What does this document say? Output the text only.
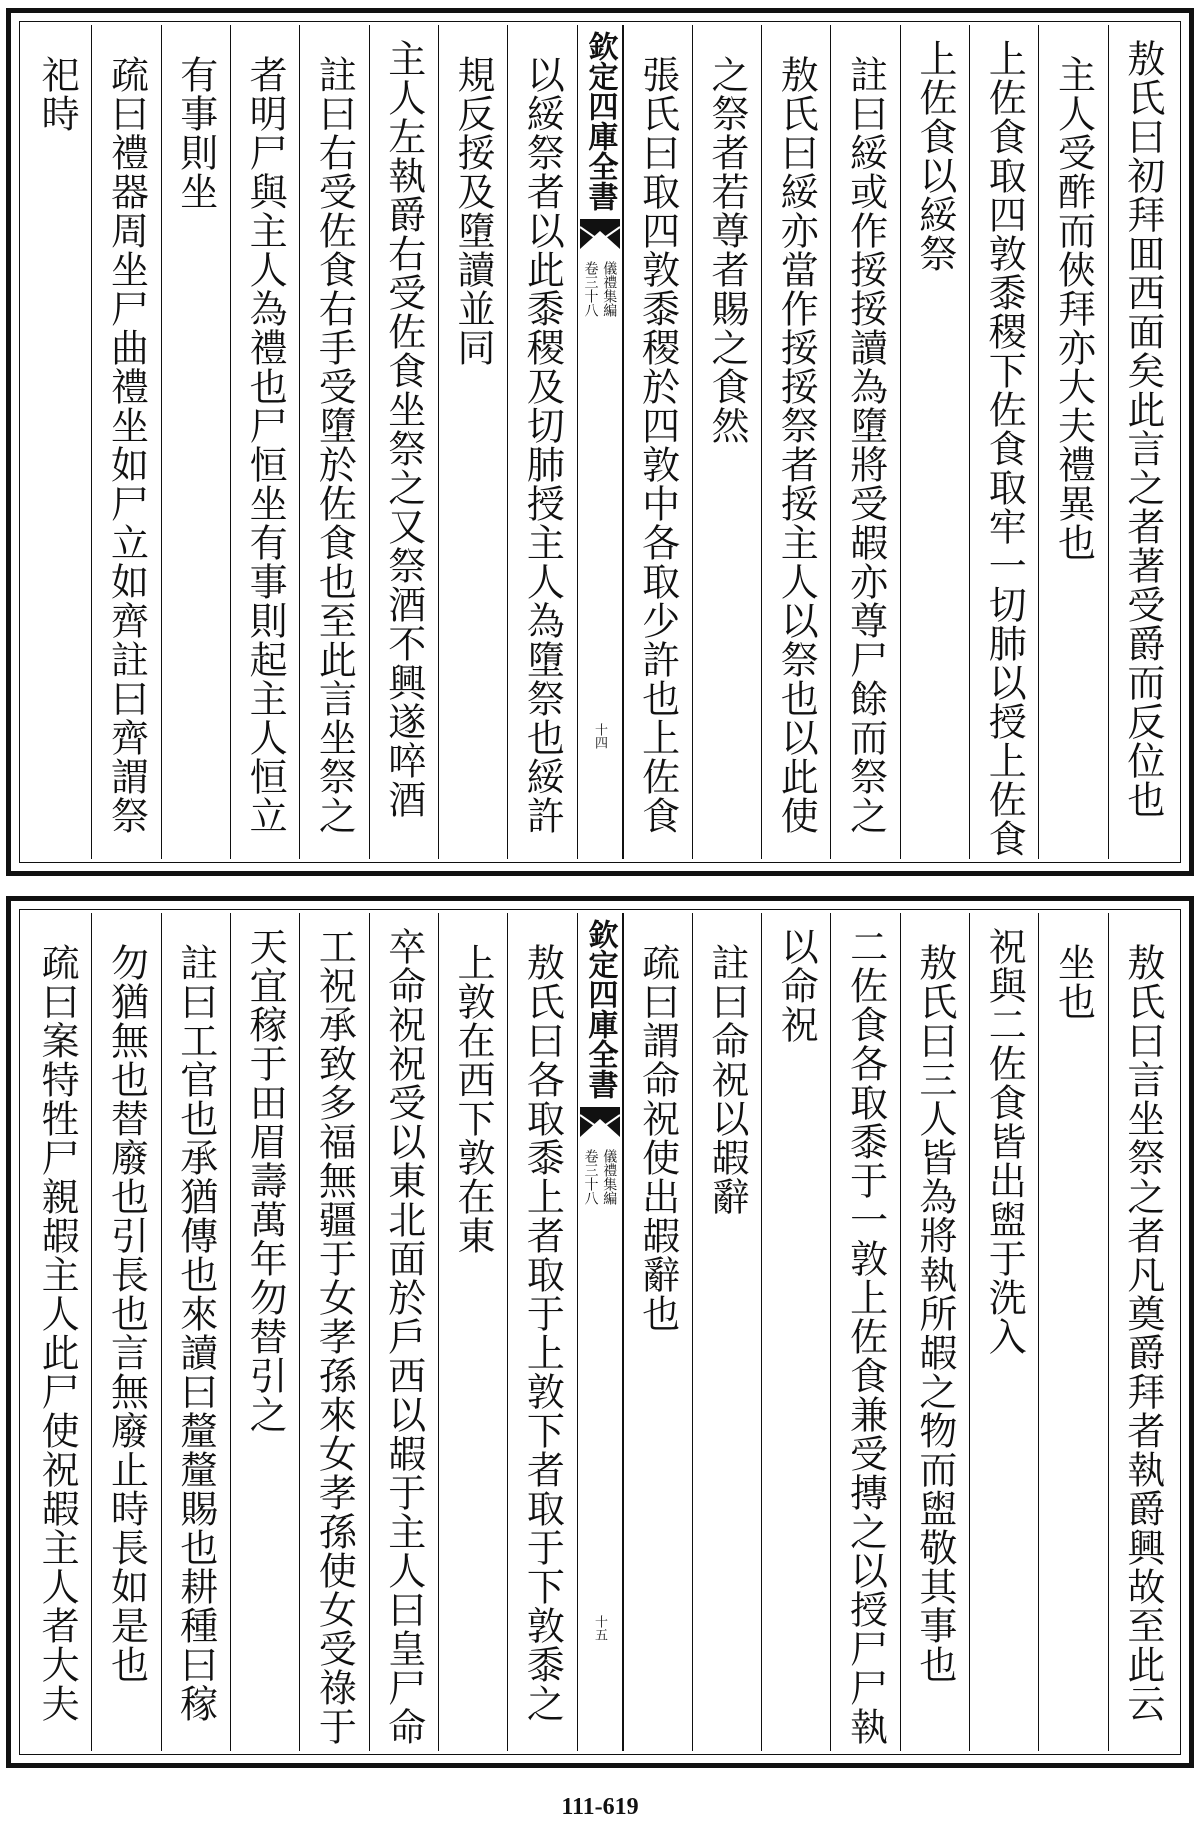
敖氏曰初拜囬西面矣此言之者著受爵而反位也
主人受酢而俠拜亦大夫禮異也
上佐食取四敦黍稷下佐食取牢一切肺以授上佐食
上佐食以綏祭
註曰綏或作挼挼讀為墮將受嘏亦尊尸餘而祭之
敖氏曰綏亦當作挼挼祭者挼主人以祭也以此使
之祭者若尊者賜之食然
張氏曰取四敦黍稷於四敦中各取少許也上佐食
欽定四庫全書
儀禮集編
卷三十八
十四
以綏祭者以此黍稷及切肺授主人為墮祭也綏許
規反挼及墮讀並同
主人左執爵右受佐食坐祭之又祭酒不興遂啐酒
註曰右受佐食右手受墮於佐食也至此言坐祭之
者明尸與主人為禮也尸恒坐有事則起主人恒立
有事則坐
疏曰禮器周坐尸曲禮坐如尸立如齊註曰齊謂祭
祀時
敖氏曰言坐祭之者凡奠爵拜者執爵興故至此云
坐也
祝與二佐食皆出盥于洗入
敖氏曰三人皆為將執所嘏之物而盥敬其事也
二佐食各取黍于一敦上佐食兼受摶之以授尸尸執
以命祝
註曰命祝以嘏辭
疏曰謂命祝使出嘏辭也
欽定四庫全書
儀禮集編
卷三十八
十五
敖氏曰各取黍上者取于上敦下者取于下敦黍之
上敦在西下敦在東
卒命祝祝受以東北面於戶西以嘏于主人曰皇尸命
工祝承致多福無疆于女孝孫來女孝孫使女受祿于
天宜稼于田眉壽萬年勿替引之
註曰工官也承猶傳也來讀曰釐釐賜也耕種曰稼
勿猶無也替廢也引長也言無廢止時長如是也
疏曰案特牲尸親嘏主人此尸使祝嘏主人者大夫
111-619
